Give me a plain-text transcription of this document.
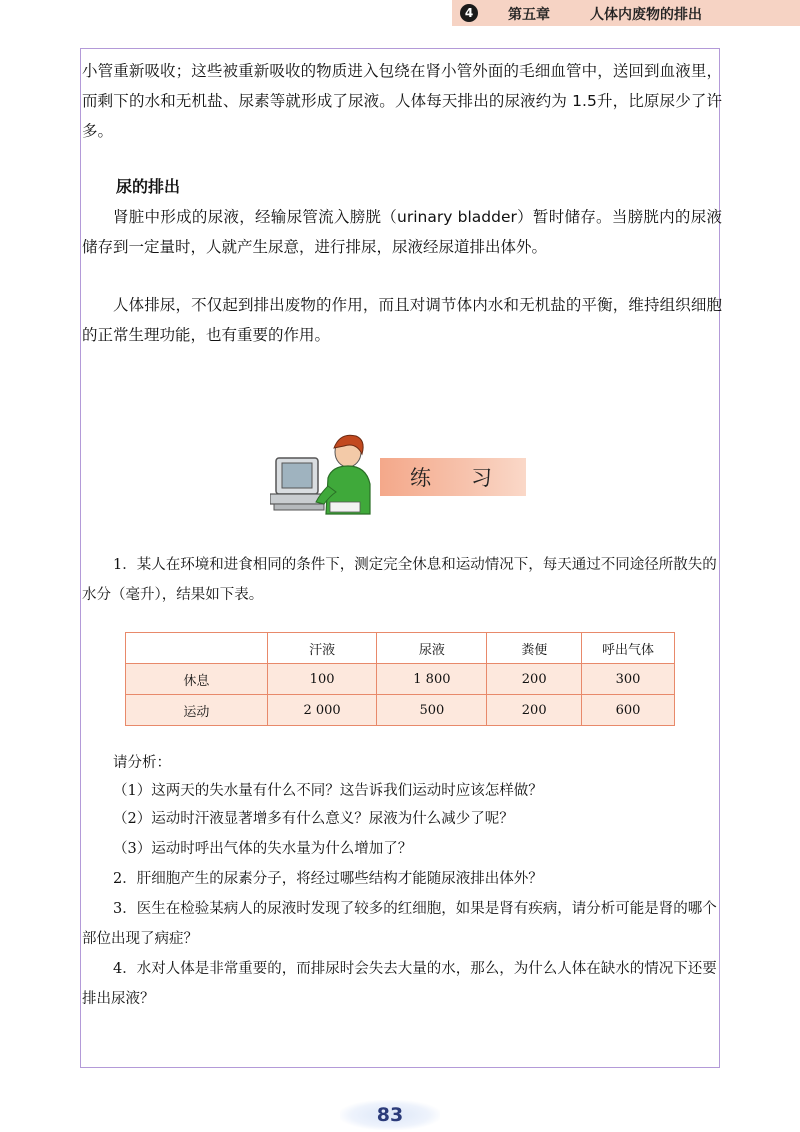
4	第五章	人体内废物的排出

小管重新吸收；这些被重新吸收的物质进入包绕在肾小管外面的毛细血管中，送回到血液里，而剩下的水和无机盐、尿素等就形成了尿液。人体每天排出的尿液约为 1.5升，比原尿少了许多。

尿的排出

肾脏中形成的尿液，经输尿管流入膀胱（urinary bladder）暂时储存。当膀胱内的尿液储存到一定量时，人就产生尿意，进行排尿，尿液经尿道排出体外。

人体排尿，不仅起到排出废物的作用，而且对调节体内水和无机盐的平衡，维持组织细胞的正常生理功能，也有重要的作用。

练习

1．某人在环境和进食相同的条件下，测定完全休息和运动情况下，每天通过不同途径所散失的水分（毫升），结果如下表。

	汗液	尿液	粪便	呼出气体
休息	100	1 800	200	300
运动	2 000	500	200	600

请分析：

（1）这两天的失水量有什么不同？这告诉我们运动时应该怎样做？

（2）运动时汗液显著增多有什么意义？尿液为什么减少了呢？

（3）运动时呼出气体的失水量为什么增加了？

2．肝细胞产生的尿素分子，将经过哪些结构才能随尿液排出体外？

3．医生在检验某病人的尿液时发现了较多的红细胞，如果是肾有疾病，请分析可能是肾的哪个部位出现了病症？

4．水对人体是非常重要的，而排尿时会失去大量的水，那么，为什么人体在缺水的情况下还要排出尿液？

83
